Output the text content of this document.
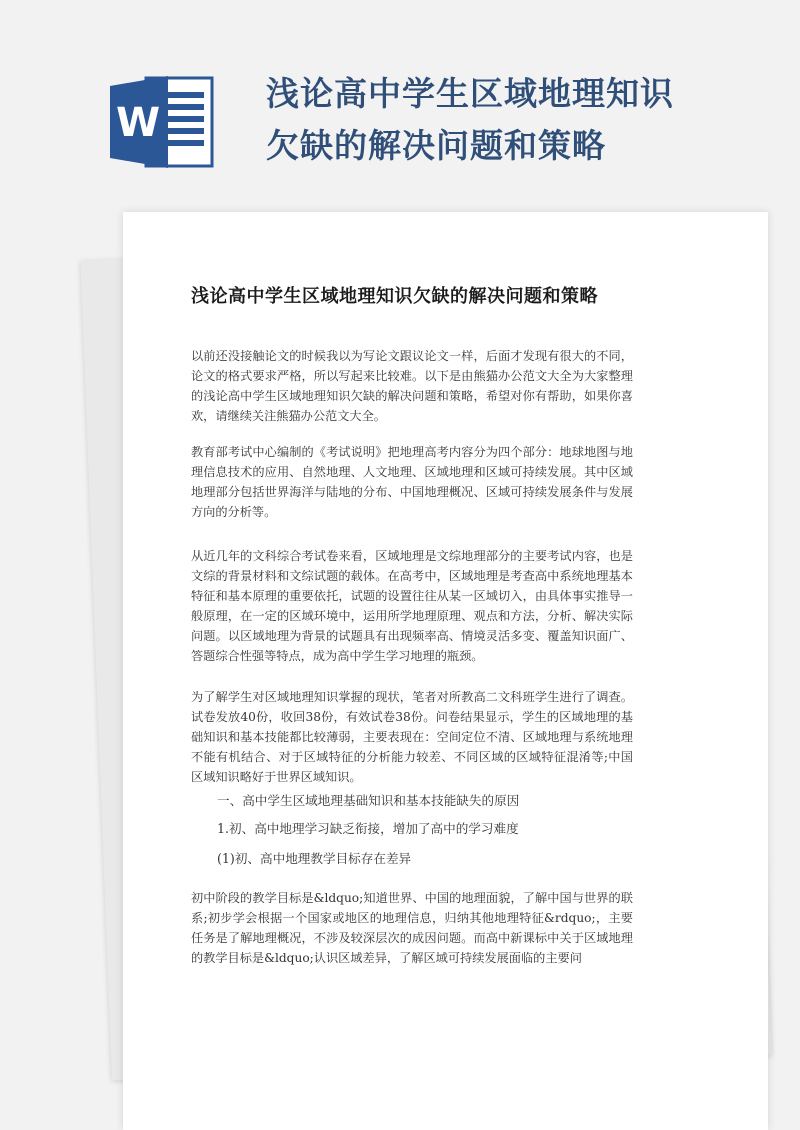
W
浅论高中学生区域地理知识欠缺的解决问题和策略
浅论高中学生区域地理知识欠缺的解决问题和策略

以前还没接触论文的时候我以为写论文跟议论文一样，后面才发现有很大的不同，论文的格式要求严格，所以写起来比较难。以下是由熊猫办公范文大全为大家整理的浅论高中学生区域地理知识欠缺的解决问题和策略，希望对你有帮助，如果你喜欢，请继续关注熊猫办公范文大全。

教育部考试中心编制的《考试说明》把地理高考内容分为四个部分：地球地图与地理信息技术的应用、自然地理、人文地理、区域地理和区域可持续发展。其中区域地理部分包括世界海洋与陆地的分布、中国地理概况、区域可持续发展条件与发展方向的分析等。

从近几年的文科综合考试卷来看，区域地理是文综地理部分的主要考试内容，也是文综的背景材料和文综试题的载体。在高考中，区域地理是考查高中系统地理基本特征和基本原理的重要依托，试题的设置往往从某一区域切入，由具体事实推导一般原理，在一定的区域环境中，运用所学地理原理、观点和方法，分析、解决实际问题。以区域地理为背景的试题具有出现频率高、情境灵活多变、覆盖知识面广、答题综合性强等特点，成为高中学生学习地理的瓶颈。

为了解学生对区域地理知识掌握的现状，笔者对所教高二文科班学生进行了调查。试卷发放40份，收回38份，有效试卷38份。问卷结果显示，学生的区域地理的基础知识和基本技能都比较薄弱，主要表现在：空间定位不清、区域地理与系统地理不能有机结合、对于区域特征的分析能力较差、不同区域的区域特征混淆等;中国区域知识略好于世界区域知识。

一、高中学生区域地理基础知识和基本技能缺失的原因

1.初、高中地理学习缺乏衔接，增加了高中的学习难度

(1)初、高中地理教学目标存在差异

初中阶段的教学目标是&ldquo;知道世界、中国的地理面貌，了解中国与世界的联系;初步学会根据一个国家或地区的地理信息，归纳其他地理特征&rdquo;，主要任务是了解地理概况，不涉及较深层次的成因问题。而高中新课标中关于区域地理的教学目标是&ldquo;认识区域差异，了解区域可持续发展面临的主要问
